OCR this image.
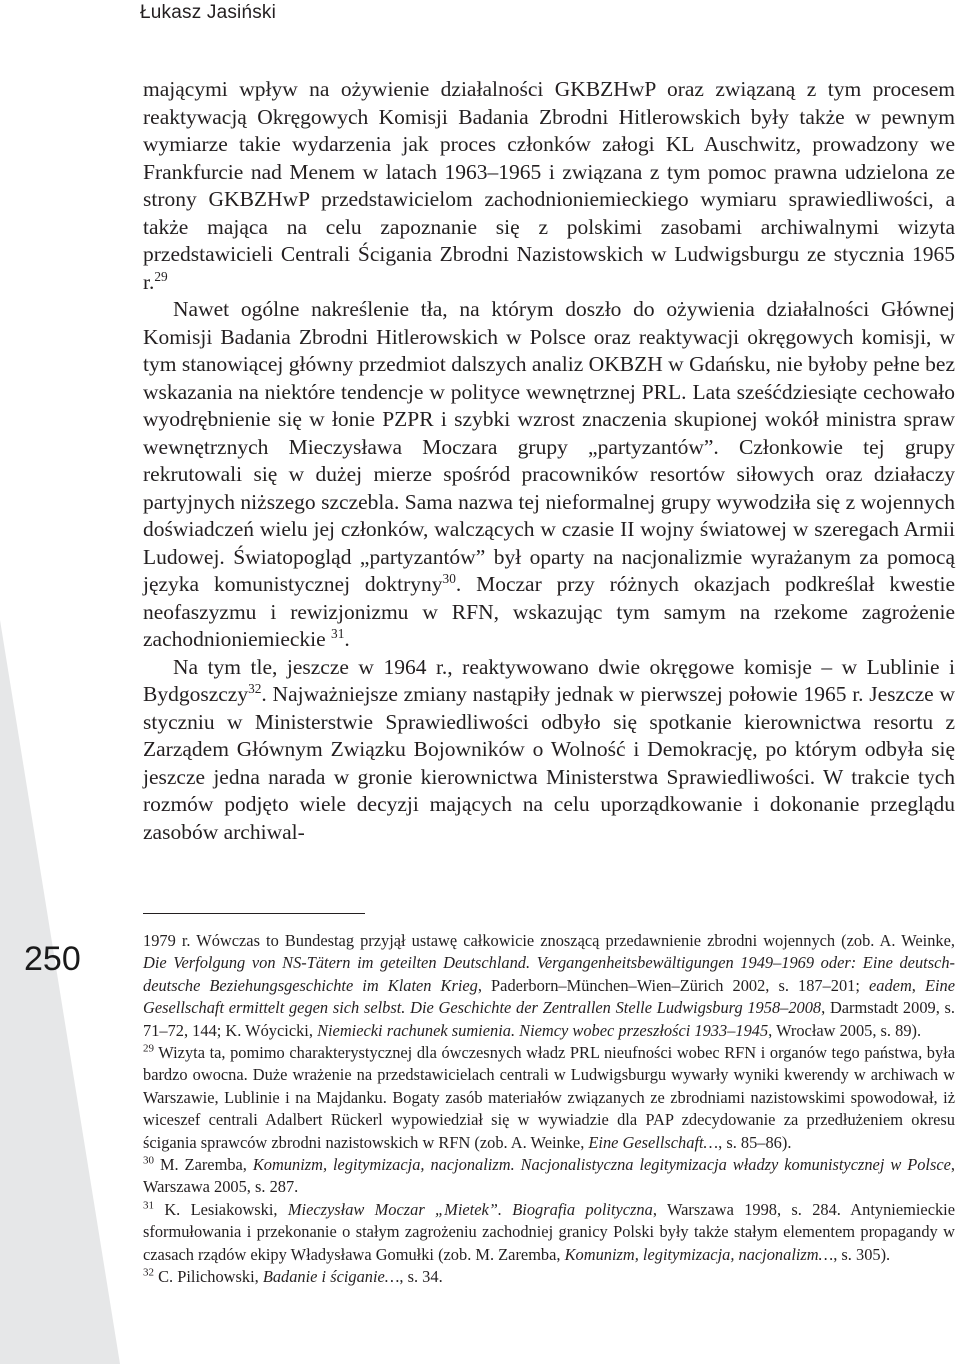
Łukasz Jasiński

mającymi wpływ na ożywienie działalności GKBZHwP oraz związaną z tym procesem reaktywacją Okręgowych Komisji Badania Zbrodni Hitlerowskich były także w pewnym wymiarze takie wydarzenia jak proces członków załogi KL Auschwitz, prowadzony we Frankfurcie nad Menem w latach 1963–1965 i związana z tym pomoc prawna udzielona ze strony GKBZHwP przedstawicielom zachodnioniemieckiego wymiaru sprawiedliwości, a także mająca na celu zapoznanie się z polskimi zasobami archiwalnymi wizyta przedstawicieli Centrali Ścigania Zbrodni Nazistowskich w Ludwigsburgu ze stycznia 1965 r.$^{29}$

Nawet ogólne nakreślenie tła, na którym doszło do ożywienia działalności Głównej Komisji Badania Zbrodni Hitlerowskich w Polsce oraz reaktywacji okręgowych komisji, w tym stanowiącej główny przedmiot dalszych analiz OKBZH w Gdańsku, nie byłoby pełne bez wskazania na niektóre tendencje w polityce wewnętrznej PRL. Lata sześćdziesiąte cechowało wyodrębnienie się w łonie PZPR i szybki wzrost znaczenia skupionej wokół ministra spraw wewnętrznych Mieczysława Moczara grupy „partyzantów”. Członkowie tej grupy rekrutowali się w dużej mierze spośród pracowników resortów siłowych oraz działaczy partyjnych niższego szczebla. Sama nazwa tej nieformalnej grupy wywodziła się z wojennych doświadczeń wielu jej członków, walczących w czasie II wojny światowej w szeregach Armii Ludowej. Światopogląd „partyzantów” był oparty na nacjonalizmie wyrażanym za pomocą języka komunistycznej doktryny$^{30}$. Moczar przy różnych okazjach podkreślał kwestie neofaszyzmu i rewizjonizmu w RFN, wskazując tym samym na rzekome zagrożenie zachodnioniemieckie $^{31}$.

Na tym tle, jeszcze w 1964 r., reaktywowano dwie okręgowe komisje – w Lublinie i Bydgoszczy$^{32}$. Najważniejsze zmiany nastąpiły jednak w pierwszej połowie 1965 r. Jeszcze w styczniu w Ministerstwie Sprawiedliwości odbyło się spotkanie kierownictwa resortu z Zarządem Głównym Związku Bojowników o Wolność i Demokrację, po którym odbyła się jeszcze jedna narada w gronie kierownictwa Ministerstwa Sprawiedliwości. W trakcie tych rozmów podjęto wiele decyzji mających na celu uporządkowanie i dokonanie przeglądu zasobów archiwal-

250	1979 r. Wówczas to Bundestag przyjął ustawę całkowicie znoszącą przedawnienie zbrodni wojennych (zob. A. Weinke, Die Verfolgung von NS-Tätern im geteilten Deutschland. Vergangenheitsbewältigungen 1949–1969 oder: Eine deutsch-deutsche Beziehungsgeschichte im Klaten Krieg, Paderborn–München–Wien–Zürich 2002, s. 187–201; eadem, Eine Gesellschaft ermittelt gegen sich selbst. Die Geschichte der Zentrallen Stelle Ludwigsburg 1958–2008, Darmstadt 2009, s. 71–72, 144; K. Wóycicki, Niemiecki rachunek sumienia. Niemcy wobec przeszłości 1933–1945, Wrocław 2005, s. 89).

$^{29}$ Wizyta ta, pomimo charakterystycznej dla ówczesnych władz PRL nieufności wobec RFN i organów tego państwa, była bardzo owocna. Duże wrażenie na przedstawicielach centrali w Ludwigsburgu wywarły wyniki kwerendy w archiwach w Warszawie, Lublinie i na Majdanku. Bogaty zasób materiałów związanych ze zbrodniami nazistowskimi spowodował, iż wiceszef centrali Adalbert Rückerl wypowiedział się w wywiadzie dla PAP zdecydowanie za przedłużeniem okresu ścigania sprawców zbrodni nazistowskich w RFN (zob. A. Weinke, Eine Gesellschaft…, s. 85–86).

$^{30}$ M. Zaremba, Komunizm, legitymizacja, nacjonalizm. Nacjonalistyczna legitymizacja władzy komunistycznej w Polsce, Warszawa 2005, s. 287.

$^{31}$ K. Lesiakowski, Mieczysław Moczar „Mietek”. Biografia polityczna, Warszawa 1998, s. 284. Antyniemieckie sformułowania i przekonanie o stałym zagrożeniu zachodniej granicy Polski były także stałym elementem propagandy w czasach rządów ekipy Władysława Gomułki (zob. M. Zaremba, Komunizm, legitymizacja, nacjonalizm…, s. 305).

$^{32}$ C. Pilichowski, Badanie i ściganie…, s. 34.
